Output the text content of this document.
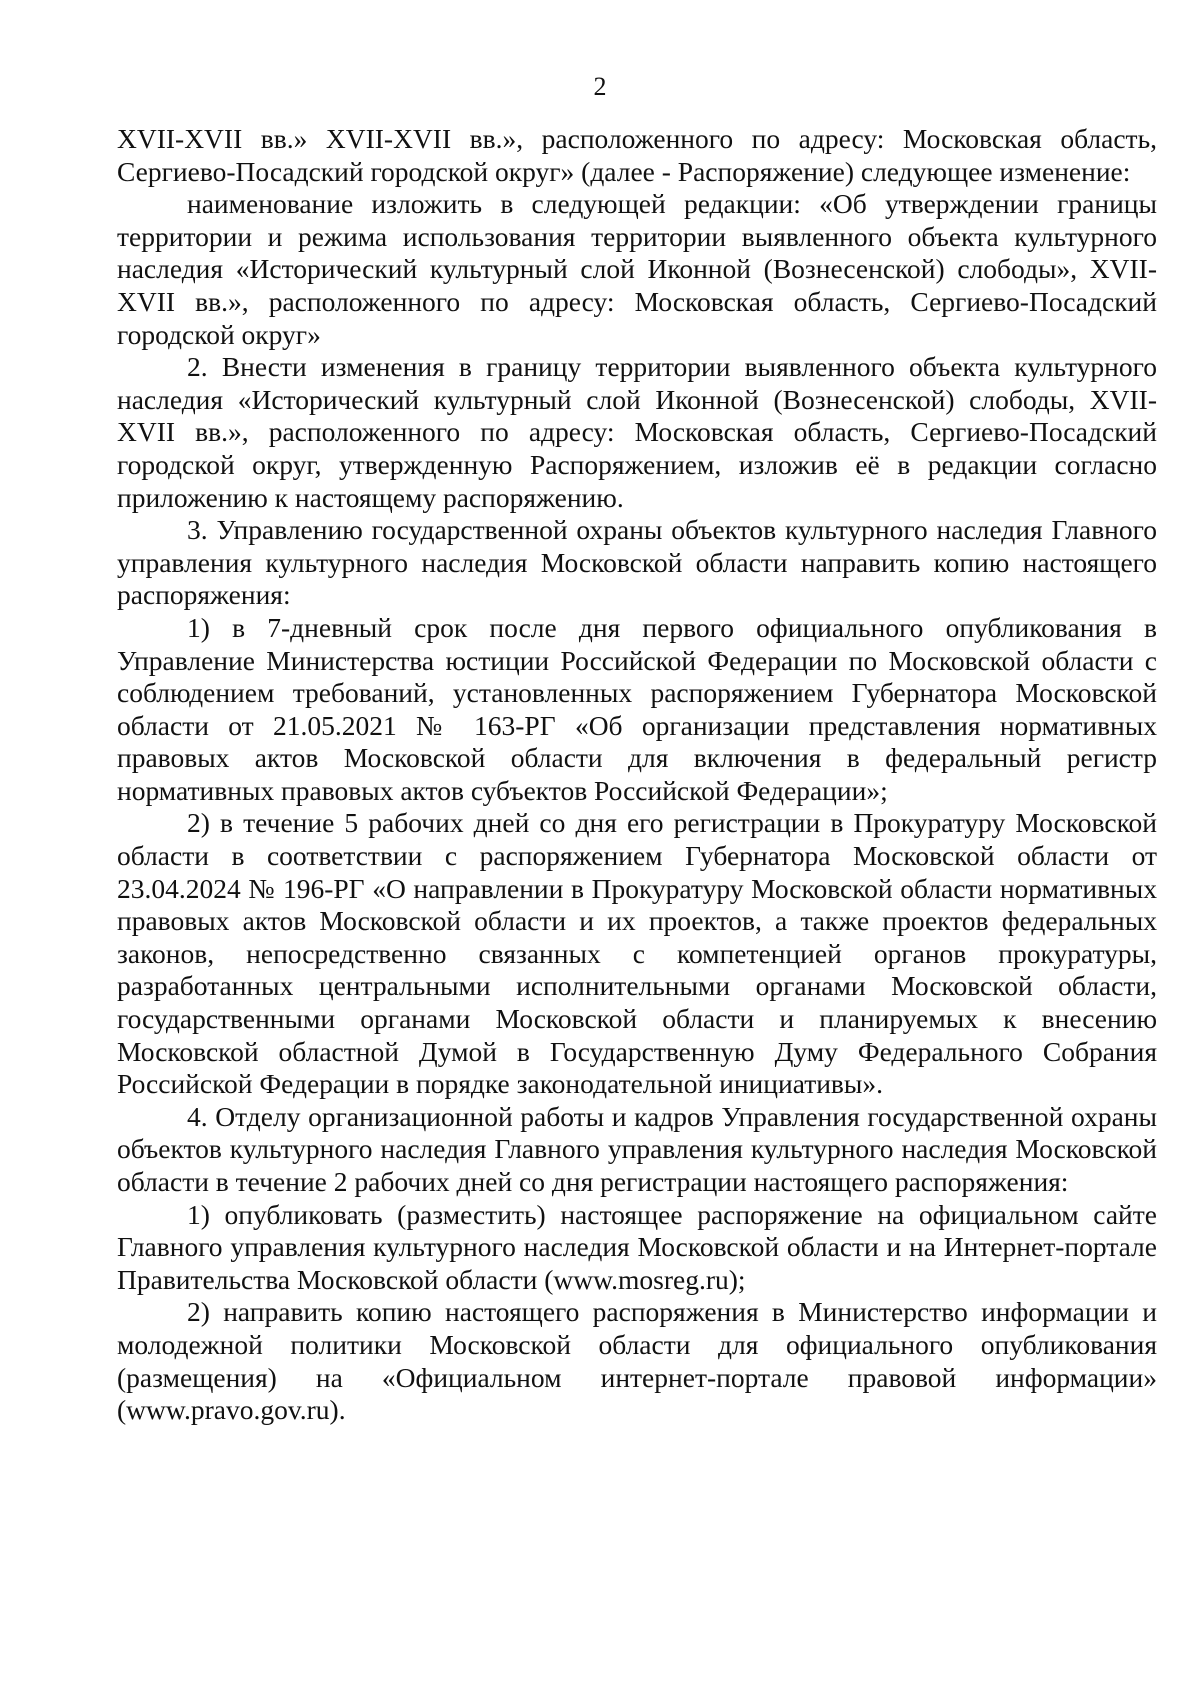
2

XVII-XVII вв.» XVII-XVII вв.», расположенного по адресу: Московская область, Сергиево-Посадский городской округ» (далее - Распоряжение) следующее изменение:

наименование изложить в следующей редакции: «Об утверждении границы территории и режима использования территории выявленного объекта культурного наследия «Исторический культурный слой Иконной (Вознесенской) слободы», XVII-XVII вв.», расположенного по адресу: Московская область, Сергиево-Посадский городской округ»

2. Внести изменения в границу территории выявленного объекта культурного наследия «Исторический культурный слой Иконной (Вознесенской) слободы, XVII-XVII вв.», расположенного по адресу: Московская область, Сергиево-Посадский городской округ, утвержденную Распоряжением, изложив её в редакции согласно приложению к настоящему распоряжению.

3. Управлению государственной охраны объектов культурного наследия Главного управления культурного наследия Московской области направить копию настоящего распоряжения:

1) в 7-дневный срок после дня первого официального опубликования в Управление Министерства юстиции Российской Федерации по Московской области с соблюдением требований, установленных распоряжением Губернатора Московской области от 21.05.2021 № 163-РГ «Об организации представления нормативных правовых актов Московской области для включения в федеральный регистр нормативных правовых актов субъектов Российской Федерации»;

2) в течение 5 рабочих дней со дня его регистрации в Прокуратуру Московской области в соответствии с распоряжением Губернатора Московской области от 23.04.2024 № 196-РГ «О направлении в Прокуратуру Московской области нормативных правовых актов Московской области и их проектов, а также проектов федеральных законов, непосредственно связанных с компетенцией органов прокуратуры, разработанных центральными исполнительными органами Московской области, государственными органами Московской области и планируемых к внесению Московской областной Думой в Государственную Думу Федерального Собрания Российской Федерации в порядке законодательной инициативы».

4. Отделу организационной работы и кадров Управления государственной охраны объектов культурного наследия Главного управления культурного наследия Московской области в течение 2 рабочих дней со дня регистрации настоящего распоряжения:

1) опубликовать (разместить) настоящее распоряжение на официальном сайте Главного управления культурного наследия Московской области и на Интернет-портале Правительства Московской области (www.mosreg.ru);

2) направить копию настоящего распоряжения в Министерство информации и молодежной политики Московской области для официального опубликования (размещения) на «Официальном интернет-портале правовой информации» (www.pravo.gov.ru).
